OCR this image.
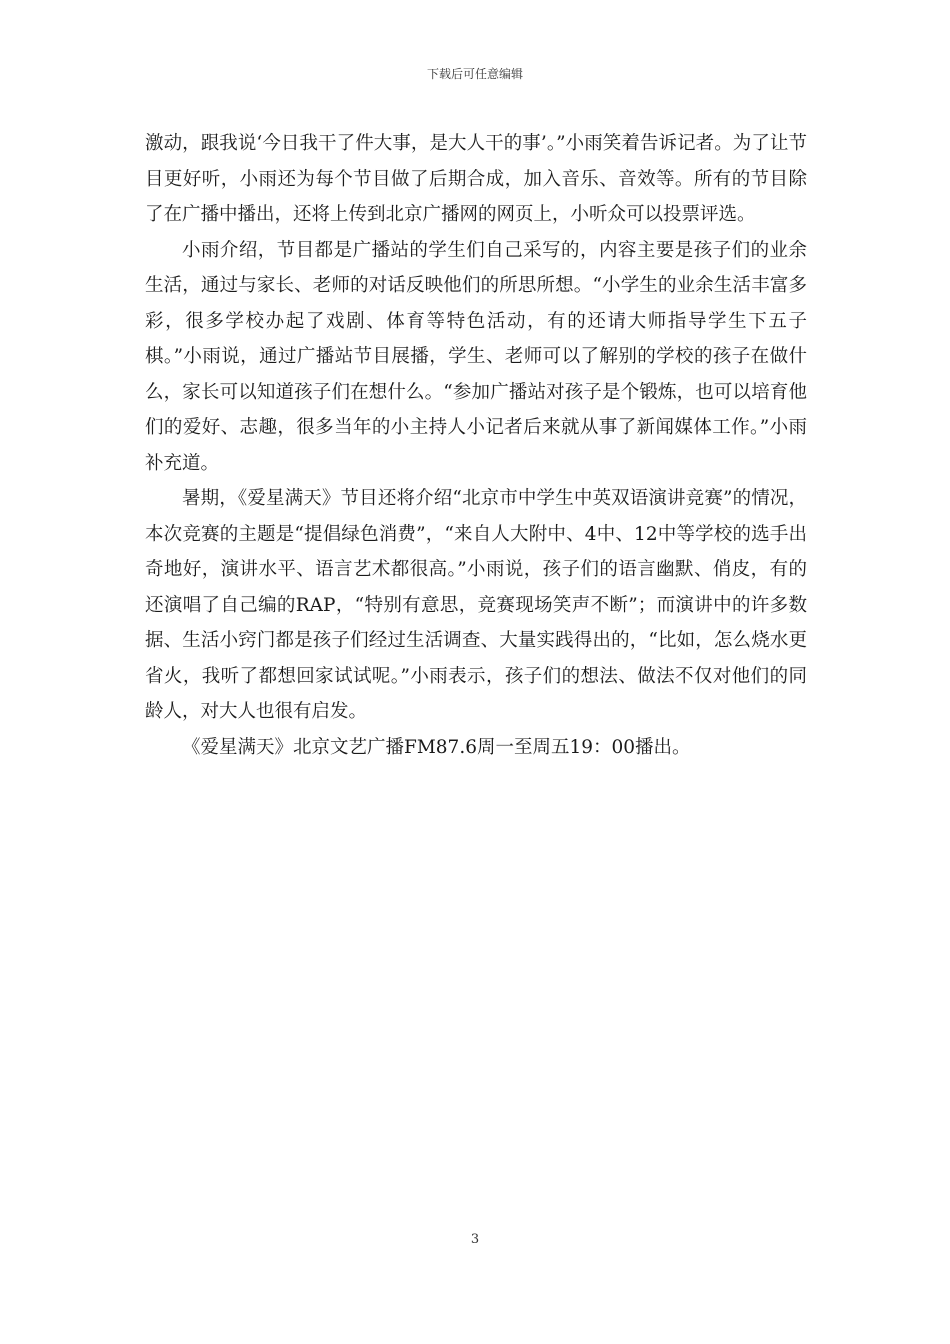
下载后可任意编辑

激动，跟我说‘今日我干了件大事，是大人干的事’。”小雨笑着告诉记者。为了让节目更好听，小雨还为每个节目做了后期合成，加入音乐、音效等。所有的节目除了在广播中播出，还将上传到北京广播网的网页上，小听众可以投票评选。

小雨介绍，节目都是广播站的学生们自己采写的，内容主要是孩子们的业余生活，通过与家长、老师的对话反映他们的所思所想。“小学生的业余生活丰富多彩，很多学校办起了戏剧、体育等特色活动，有的还请大师指导学生下五子棋。”小雨说，通过广播站节目展播，学生、老师可以了解别的学校的孩子在做什么，家长可以知道孩子们在想什么。“参加广播站对孩子是个锻炼，也可以培育他们的爱好、志趣，很多当年的小主持人小记者后来就从事了新闻媒体工作。”小雨补充道。

暑期，《爱星满天》节目还将介绍“北京市中学生中英双语演讲竞赛”的情况，本次竞赛的主题是“提倡绿色消费”，“来自人大附中、4中、12中等学校的选手出奇地好，演讲水平、语言艺术都很高。”小雨说，孩子们的语言幽默、俏皮，有的还演唱了自己编的RAP，“特别有意思，竞赛现场笑声不断”；而演讲中的许多数据、生活小窍门都是孩子们经过生活调查、大量实践得出的，“比如，怎么烧水更省火，我听了都想回家试试呢。”小雨表示，孩子们的想法、做法不仅对他们的同龄人，对大人也很有启发。

《爱星满天》北京文艺广播FM87.6周一至周五19：00播出。

3
